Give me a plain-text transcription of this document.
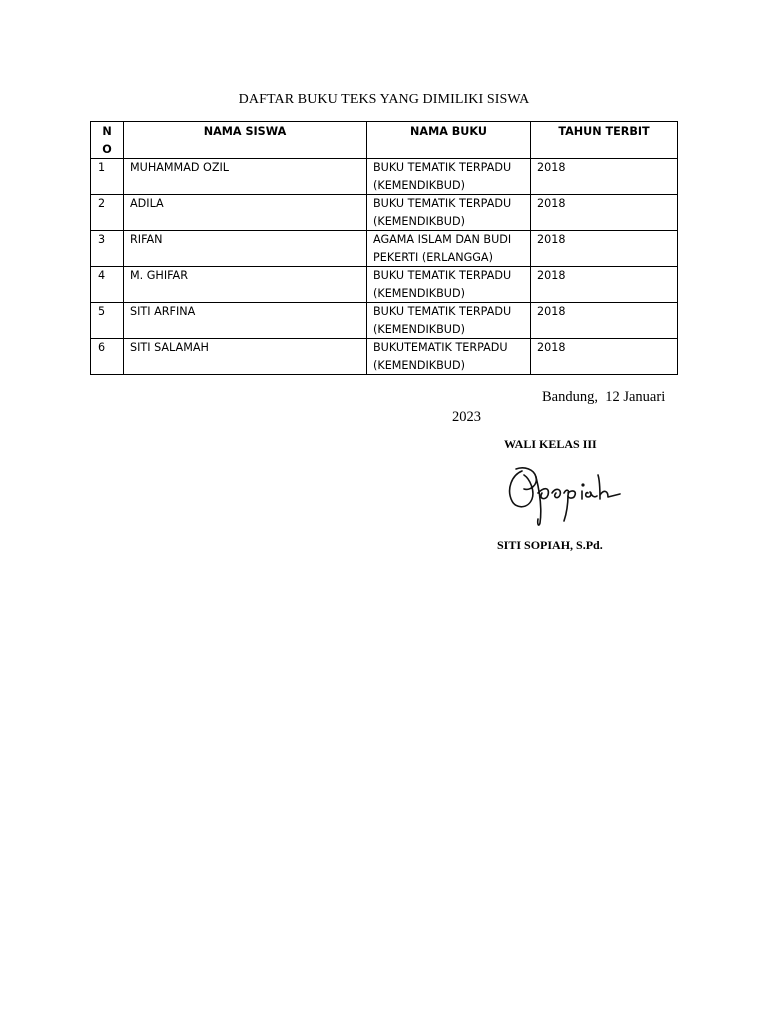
DAFTAR BUKU TEKS YANG DIMILIKI SISWA
N O	NAMA SISWA	NAMA BUKU	TAHUN TERBIT
1	MUHAMMAD OZIL	BUKU TEMATIK TERPADU (KEMENDIKBUD)	2018
2	ADILA	BUKU TEMATIK TERPADU (KEMENDIKBUD)	2018
3	RIFAN	AGAMA ISLAM DAN BUDI PEKERTI (ERLANGGA)	2018
4	M. GHIFAR	BUKU TEMATIK TERPADU (KEMENDIKBUD)	2018
5	SITI ARFINA	BUKU TEMATIK TERPADU (KEMENDIKBUD)	2018
6	SITI SALAMAH	BUKUTEMATIK TERPADU (KEMENDIKBUD)	2018
Bandung,  12 Januari
2023
WALI KELAS III
SITI SOPIAH, S.Pd.
